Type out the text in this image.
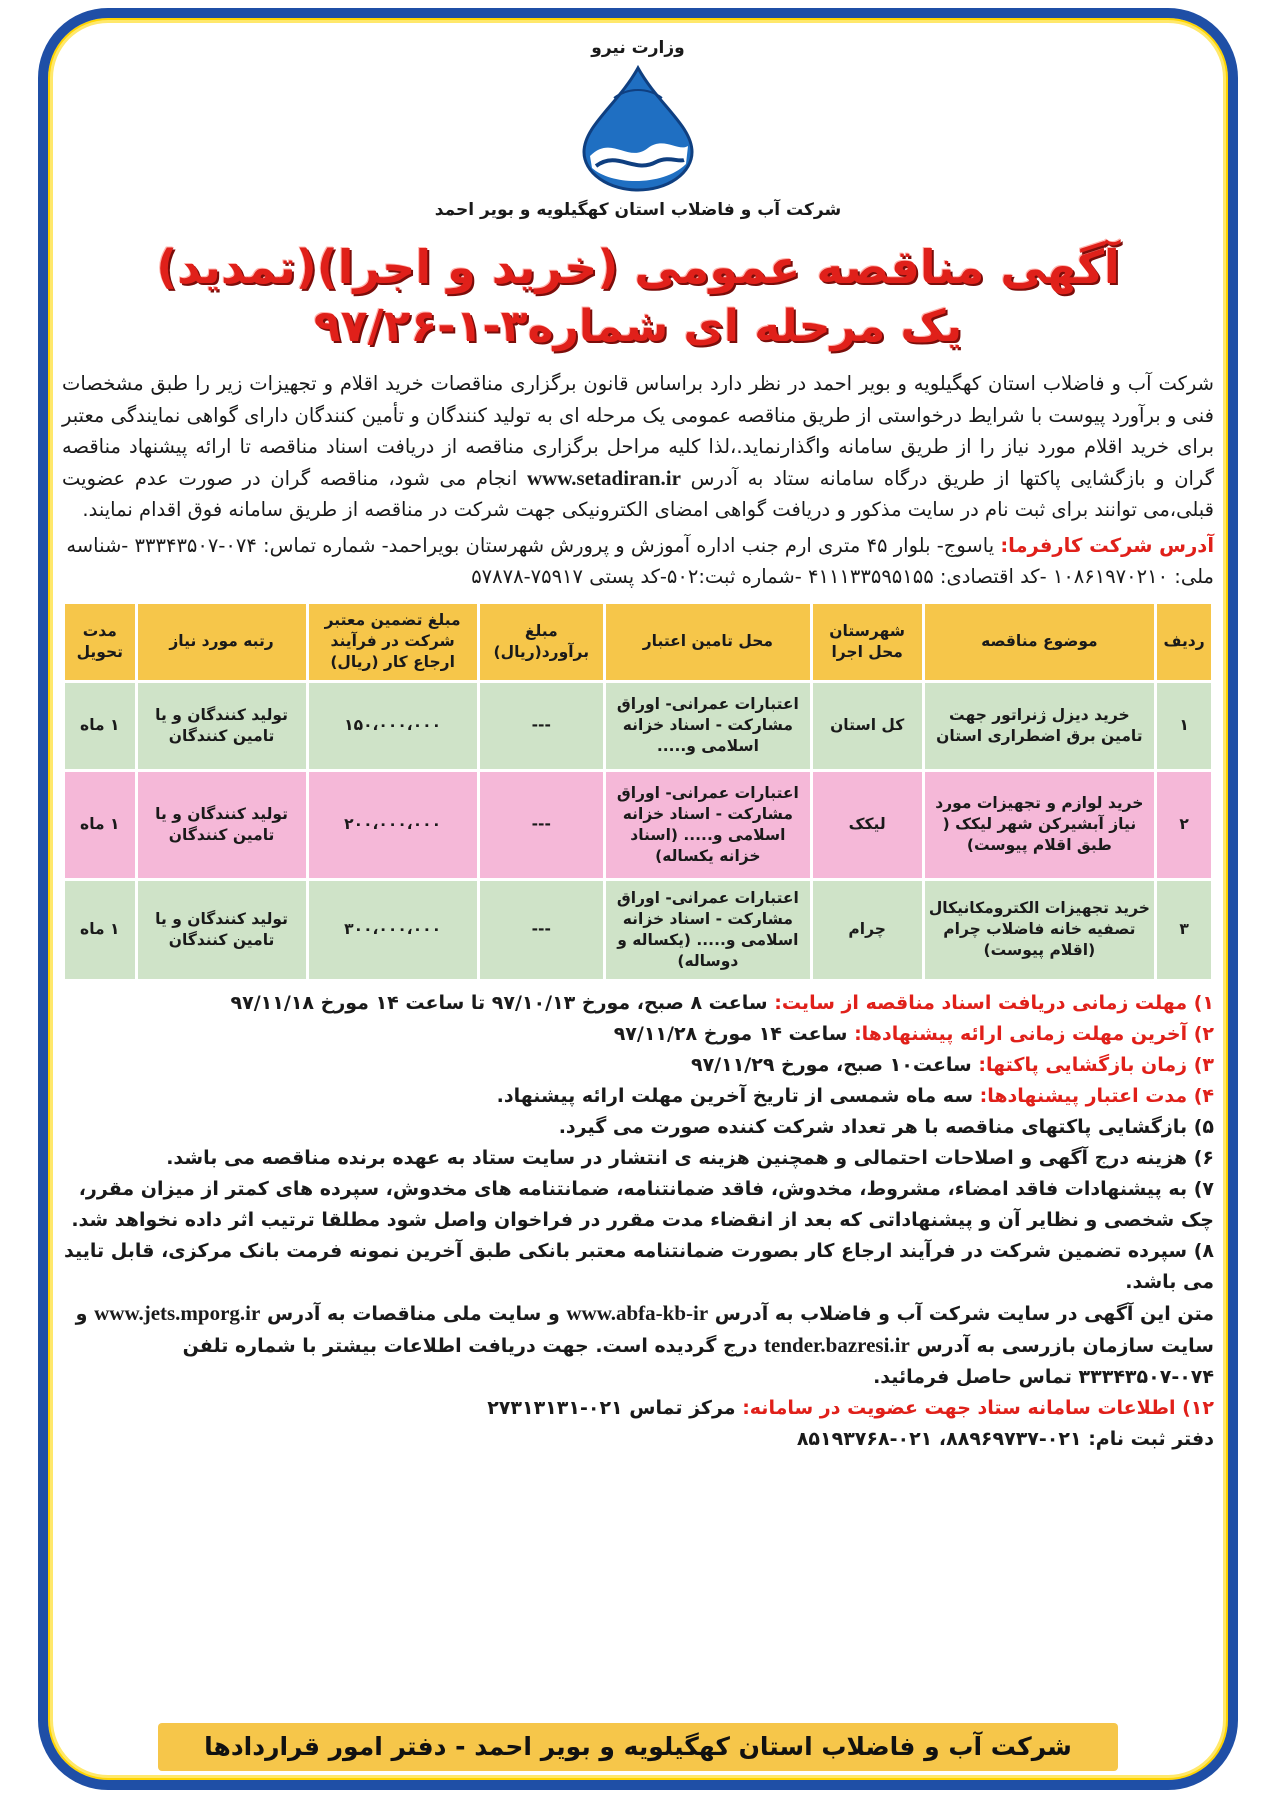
وزارت نیرو
شرکت آب و فاضلاب استان کهگیلویه و بویر احمد
آگهی مناقصه عمومی (خرید و اجرا)(تمدید)
یک مرحله ای شماره۳-۱-۹۷/۲۶
شرکت آب و فاضلاب استان کهگیلویه و بویر احمد در نظر دارد براساس قانون برگزاری مناقصات خرید اقلام و تجهیزات زیر را طبق مشخصات فنی و برآورد پیوست با شرایط درخواستی از طریق مناقصه عمومی یک مرحله ای به تولید کنندگان و تأمین کنندگان دارای گواهی نمایندگی معتبر برای خرید اقلام مورد نیاز را از طریق سامانه واگذارنماید.،لذا کلیه مراحل برگزاری مناقصه از دریافت اسناد مناقصه تا ارائه پیشنهاد مناقصه گران و بازگشایی پاکتها از طریق درگاه سامانه ستاد به آدرس www.setadiran.ir انجام می شود، مناقصه گران در صورت عدم عضویت قبلی،می توانند برای ثبت نام در سایت مذکور و دریافت گواهی امضای الکترونیکی جهت شرکت در مناقصه از طریق سامانه فوق اقدام نمایند.
آدرس شرکت کارفرما: یاسوج- بلوار ۴۵ متری ارم جنب اداره آموزش و پرورش شهرستان بویراحمد- شماره تماس: ۰۷۴-۳۳۳۴۳۵۰۷ -شناسه ملی: ۱۰۸۶۱۹۷۰۲۱۰ -کد اقتصادی: ۴۱۱۱۳۳۵۹۵۱۵۵ -شماره ثبت:۵۰۲-کد پستی ۷۵۹۱۷-۵۷۸۷۸
ردیف	موضوع مناقصه	شهرستان محل اجرا	محل تامین اعتبار	مبلغ برآورد(ریال)	مبلغ تضمین معتبر شرکت در فرآیند ارجاع کار (ریال)	رتبه مورد نیاز	مدت تحویل
۱	خرید دیزل ژنراتور جهت تامین برق اضطراری استان	کل استان	اعتبارات عمرانی- اوراق مشارکت - اسناد خزانه اسلامی و.....	---	۱۵۰،۰۰۰،۰۰۰	تولید کنندگان و یا تامین کنندگان	۱ ماه
۲	خرید لوازم و تجهیزات مورد نیاز آبشیرکن شهر لیکک ( طبق اقلام پیوست)	لیکک	اعتبارات عمرانی- اوراق مشارکت - اسناد خزانه اسلامی و..... (اسناد خزانه یکساله)	---	۲۰۰،۰۰۰،۰۰۰	تولید کنندگان و یا تامین کنندگان	۱ ماه
۳	خرید تجهیزات الکترومکانیکال تصفیه خانه فاضلاب چرام (اقلام پیوست)	چرام	اعتبارات عمرانی- اوراق مشارکت - اسناد خزانه اسلامی و..... (یکساله و دوساله)	---	۳۰۰،۰۰۰،۰۰۰	تولید کنندگان و یا تامین کنندگان	۱ ماه
۱) مهلت زمانی دریافت اسناد مناقصه از سایت: ساعت ۸ صبح، مورخ ۹۷/۱۰/۱۳ تا ساعت ۱۴ مورخ ۹۷/۱۱/۱۸
۲) آخرین مهلت زمانی ارائه پیشنهادها: ساعت ۱۴ مورخ ۹۷/۱۱/۲۸
۳) زمان بازگشایی پاکتها: ساعت۱۰ صبح، مورخ ۹۷/۱۱/۲۹
۴) مدت اعتبار پیشنهادها: سه ماه شمسی از تاریخ آخرین مهلت ارائه پیشنهاد.
۵) بازگشایی پاکتهای مناقصه با هر تعداد شرکت کننده صورت می گیرد.
۶) هزینه درج آگهی و اصلاحات احتمالی و همچنین هزینه ی انتشار در سایت ستاد به عهده برنده مناقصه می باشد.
۷) به پیشنهادات فاقد امضاء، مشروط، مخدوش، فاقد ضمانتنامه، ضمانتنامه های مخدوش، سپرده های کمتر از میزان مقرر، چک شخصی و نظایر آن و پیشنهاداتی که بعد از انقضاء مدت مقرر در فراخوان واصل شود مطلقا ترتیب اثر داده نخواهد شد.
۸) سپرده تضمین شرکت در فرآیند ارجاع کار بصورت ضمانتنامه معتبر بانکی طبق آخرین نمونه فرمت بانک مرکزی، قابل تایید می باشد.
متن این آگهی در سایت شرکت آب و فاضلاب به آدرس www.abfa-kb-ir و سایت ملی مناقصات به آدرس www.jets.mporg.ir و سایت سازمان بازرسی به آدرس tender.bazresi.ir درج گردیده است. جهت دریافت اطلاعات بیشتر با شماره تلفن ۰۷۴-۳۳۳۴۳۵۰۷ تماس حاصل فرمائید.
۱۲) اطلاعات سامانه ستاد جهت عضویت در سامانه: مرکز تماس ۰۲۱-۲۷۳۱۳۱۳۱
دفتر ثبت نام: ۰۲۱-۸۸۹۶۹۷۳۷، ۰۲۱-۸۵۱۹۳۷۶۸
شرکت آب و فاضلاب استان کهگیلویه و بویر احمد - دفتر امور قراردادها
